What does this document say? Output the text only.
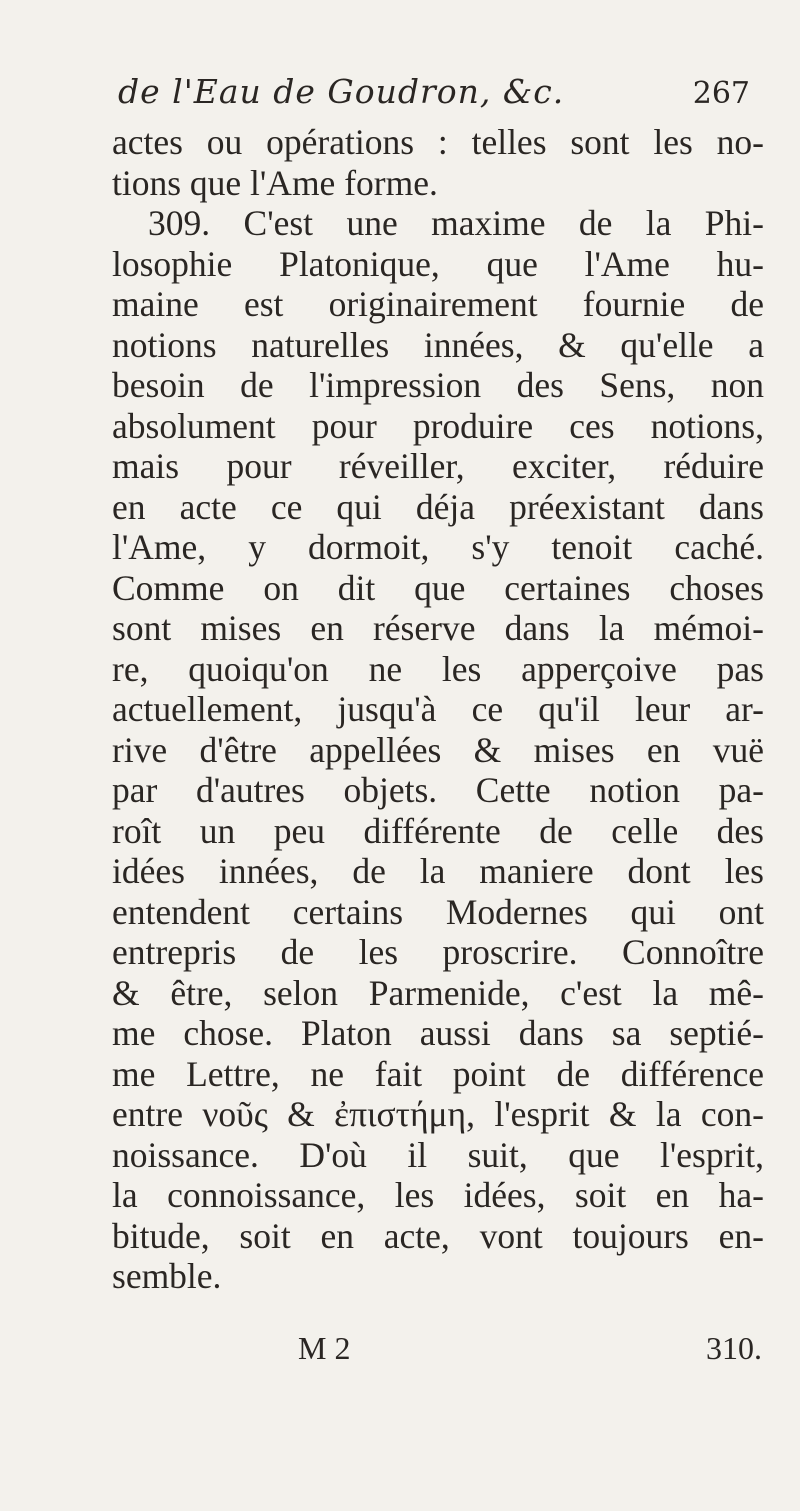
de l'Eau de Goudron, &c.	267
actes ou opérations : telles sont les no-
tions que l'Ame forme.
309. C'est une maxime de la Phi-
losophie Platonique, que l'Ame hu-
maine est originairement fournie de
notions naturelles innées, & qu'elle a
besoin de l'impression des Sens, non
absolument pour produire ces notions,
mais pour réveiller, exciter, réduire
en acte ce qui déja préexistant dans
l'Ame, y dormoit, s'y tenoit caché.
Comme on dit que certaines choses
sont mises en réserve dans la mémoi-
re, quoiqu'on ne les apperçoive pas
actuellement, jusqu'à ce qu'il leur ar-
rive d'être appellées & mises en vuë
par d'autres objets. Cette notion pa-
roît un peu différente de celle des
idées innées, de la maniere dont les
entendent certains Modernes qui ont
entrepris de les proscrire. Connoître
& être, selon Parmenide, c'est la mê-
me chose. Platon aussi dans sa septié-
me Lettre, ne fait point de différence
entre νοῦς & ἐπιστήμη, l'esprit & la con-
noissance. D'où il suit, que l'esprit,
la connoissance, les idées, soit en ha-
bitude, soit en acte, vont toujours en-
semble.
M 2	310.
